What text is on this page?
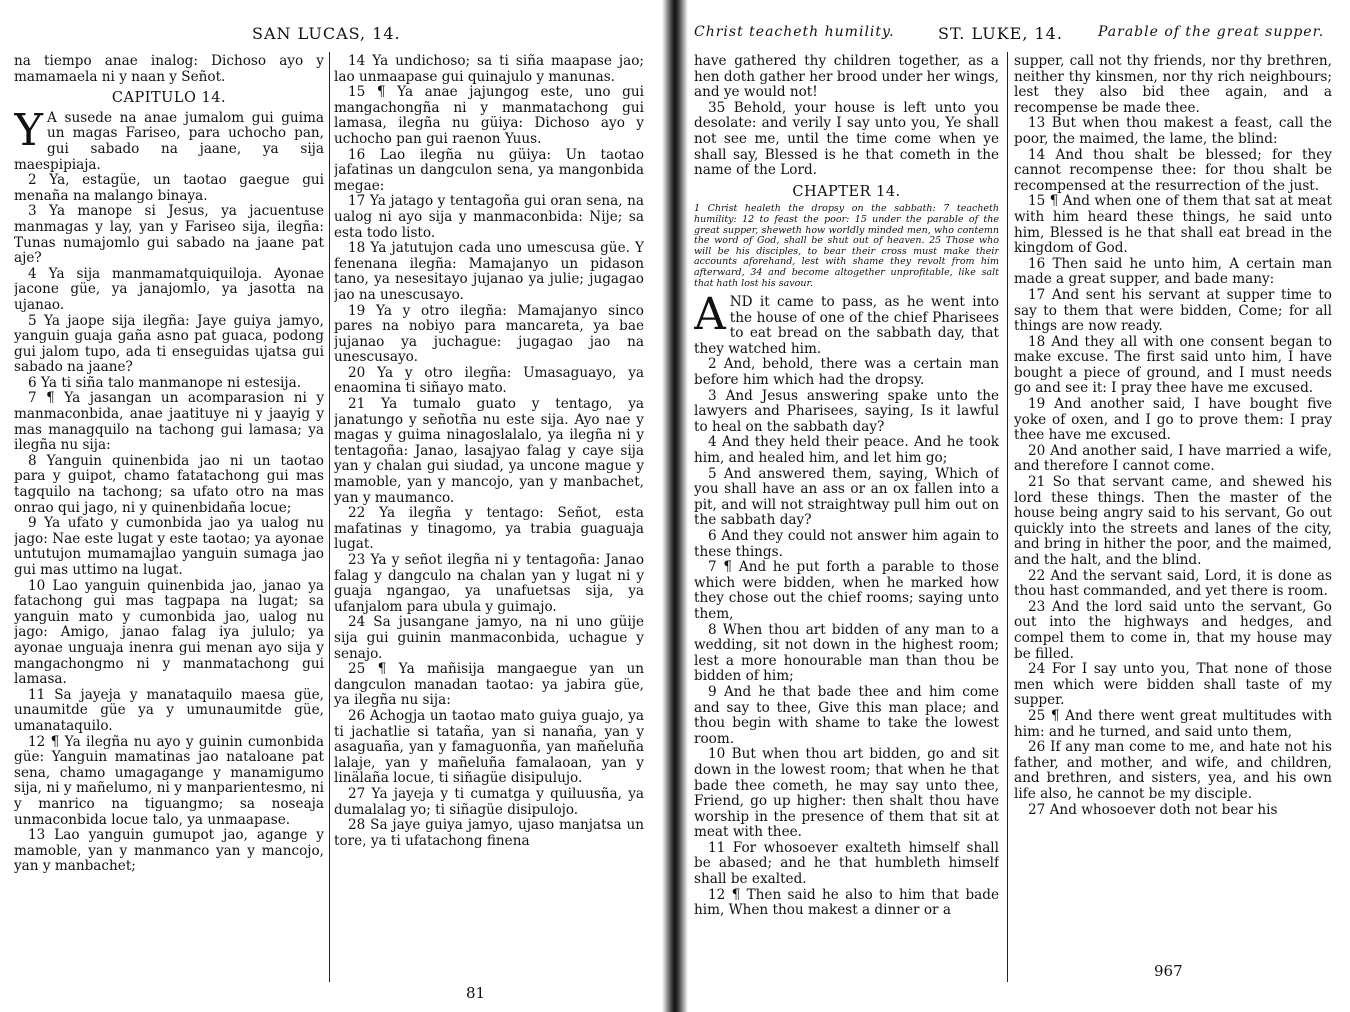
SAN LUCAS, 14.

na tiempo anae inalog: Dichoso ayo y mamamaela ni y naan y Señot.

CAPITULO 14.

Y A susede na anae jumalom gui guima un magas Fariseo, para uchocho pan, gui sabado na jaane, ya sija maespipiaja.

2 Ya, estagüe, un taotao gaegue gui menaña na malango binaya.

3 Ya manope si Jesus, ya jacuentuse manmagas y lay, yan y Fariseo sija, ilegña: Tunas numajomlo gui sabado na jaane pat aje?

4 Ya sija manmamatquiquiloja. Ayonae jacone güe, ya janajomlo, ya jasotta na ujanao.

5 Ya jaope sija ilegña: Jaye guiya jamyo, yanguin guaja gaña asno pat guaca, podong gui jalom tupo, ada ti enseguidas ujatsa gui sabado na jaane?

6 Ya ti siña talo manmanope ni estesija.

7 ¶ Ya jasangan un acomparasion ni y manmaconbida, anae jaatituye ni y jaayig y mas managquilo na tachong gui lamasa; ya ilegña nu sija:

8 Yanguin quinenbida jao ni un taotao para y guipot, chamo fatatachong gui mas tagquilo na tachong; sa ufato otro na mas onrao qui jago, ni y quinenbidaña locue;

9 Ya ufato y cumonbida jao ya ualog nu jago: Nae este lugat y este taotao; ya ayonae untutujon mumamajlao yanguin sumaga jao gui mas uttimo na lugat.

10 Lao yanguin quinenbida jao, janao ya fatachong gui mas tagpapa na lugat; sa yanguin mato y cumonbida jao, ualog nu jago: Amigo, janao falag iya jululo; ya ayonae unguaja inenra gui menan ayo sija y mangachongmo ni y manmatachong gui lamasa.

11 Sa jayeja y manataquilo maesa güe, unaumitde güe ya y umunaumitde güe, umanataquilo.

12 ¶ Ya ilegña nu ayo y guinin cumonbida güe: Yanguin mamatinas jao nataloane pat sena, chamo umagagange y manamigumo sija, ni y mañelumo, ni y manparientesmo, ni y manrico na tiguangmo; sa noseaja unmaconbida locue talo, ya unmaapase.

13 Lao yanguin gumupot jao, agange y mamoble, yan y manmanco yan y mancojo, yan y manbachet;

14 Ya undichoso; sa ti siña maapase jao; lao unmaapase gui quinajulo y manunas.

15 ¶ Ya anae jajungog este, uno gui mangachongña ni y manmatachong gui lamasa, ilegña nu güiya: Dichoso ayo y uchocho pan gui raenon Yuus.

16 Lao ilegña nu güiya: Un taotao jafatinas un dangculon sena, ya mangonbida megae:

17 Ya jatago y tentagoña gui oran sena, na ualog ni ayo sija y manmaconbida: Nije; sa esta todo listo.

18 Ya jatutujon cada uno umescusa güe. Y fenenana ilegña: Mamajanyo un pidason tano, ya nesesitayo jujanao ya julie; jugagao jao na unescusayo.

19 Ya y otro ilegña: Mamajanyo sinco pares na nobiyo para mancareta, ya bae jujanao ya juchague: jugagao jao na unescusayo.

20 Ya y otro ilegña: Umasaguayo, ya enaomina ti siñayo mato.

21 Ya tumalo guato y tentago, ya janatungo y señotña nu este sija. Ayo nae y magas y guima ninagoslalalo, ya ilegña ni y tentagoña: Janao, lasajyao falag y caye sija yan y chalan gui siudad, ya uncone mague y mamoble, yan y mancojo, yan y manbachet, yan y maumanco.

22 Ya ilegña y tentago: Señot, esta mafatinas y tinagomo, ya trabia guaguaja lugat.

23 Ya y señot ilegña ni y tentagoña: Janao falag y dangculo na chalan yan y lugat ni y guaja ngangao, ya unafuetsas sija, ya ufanjalom para ubula y guimajo.

24 Sa jusangane jamyo, na ni uno güije sija gui guinin manmaconbida, uchague y senajo.

25 ¶ Ya mañisija mangaegue yan un dangculon manadan taotao: ya jabira güe, ya ilegña nu sija:

26 Achogja un taotao mato guiya guajo, ya ti jachatlie si tataña, yan si nanaña, yan y asaguaña, yan y famaguonña, yan mañeluña lalaje, yan y mañeluña famalaoan, yan y linälaña locue, ti siñagüe disipulujo.

27 Ya jayeja y ti cumatga y quiluusña, ya dumalalag yo; ti siñagüe disipulojo.

28 Sa jaye guiya jamyo, ujaso manjatsa un tore, ya ti ufatachong finena

81
Christ teacheth humility.	ST. LUKE, 14.	Parable of the great supper.

have gathered thy children together, as a hen doth gather her brood under her wings, and ye would not!

35 Behold, your house is left unto you desolate: and verily I say unto you, Ye shall not see me, until the time come when ye shall say, Blessed is he that cometh in the name of the Lord.

CHAPTER 14.

1 Christ healeth the dropsy on the sabbath: 7 teacheth humility: 12 to feast the poor: 15 under the parable of the great supper, sheweth how worldly minded men, who contemn the word of God, shall be shut out of heaven. 25 Those who will be his disciples, to bear their cross must make their accounts aforehand, lest with shame they revolt from him afterward, 34 and become altogether unprofitable, like salt that hath lost his savour.

AND it came to pass, as he went into the house of one of the chief Pharisees to eat bread on the sabbath day, that they watched him.

2 And, behold, there was a certain man before him which had the dropsy.

3 And Jesus answering spake unto the lawyers and Pharisees, saying, Is it lawful to heal on the sabbath day?

4 And they held their peace. And he took him, and healed him, and let him go;

5 And answered them, saying, Which of you shall have an ass or an ox fallen into a pit, and will not straightway pull him out on the sabbath day?

6 And they could not answer him again to these things.

7 ¶ And he put forth a parable to those which were bidden, when he marked how they chose out the chief rooms; saying unto them,

8 When thou art bidden of any man to a wedding, sit not down in the highest room; lest a more honourable man than thou be bidden of him;

9 And he that bade thee and him come and say to thee, Give this man place; and thou begin with shame to take the lowest room.

10 But when thou art bidden, go and sit down in the lowest room; that when he that bade thee cometh, he may say unto thee, Friend, go up higher: then shalt thou have worship in the presence of them that sit at meat with thee.

11 For whosoever exalteth himself shall be abased; and he that humbleth himself shall be exalted.

12 ¶ Then said he also to him that bade him, When thou makest a dinner or a

supper, call not thy friends, nor thy brethren, neither thy kinsmen, nor thy rich neighbours; lest they also bid thee again, and a recompense be made thee.

13 But when thou makest a feast, call the poor, the maimed, the lame, the blind:

14 And thou shalt be blessed; for they cannot recompense thee: for thou shalt be recompensed at the resurrection of the just.

15 ¶ And when one of them that sat at meat with him heard these things, he said unto him, Blessed is he that shall eat bread in the kingdom of God.

16 Then said he unto him, A certain man made a great supper, and bade many:

17 And sent his servant at supper time to say to them that were bidden, Come; for all things are now ready.

18 And they all with one consent began to make excuse. The first said unto him, I have bought a piece of ground, and I must needs go and see it: I pray thee have me excused.

19 And another said, I have bought five yoke of oxen, and I go to prove them: I pray thee have me excused.

20 And another said, I have married a wife, and therefore I cannot come.

21 So that servant came, and shewed his lord these things. Then the master of the house being angry said to his servant, Go out quickly into the streets and lanes of the city, and bring in hither the poor, and the maimed, and the halt, and the blind.

22 And the servant said, Lord, it is done as thou hast commanded, and yet there is room.

23 And the lord said unto the servant, Go out into the highways and hedges, and compel them to come in, that my house may be filled.

24 For I say unto you, That none of those men which were bidden shall taste of my supper.

25 ¶ And there went great multitudes with him: and he turned, and said unto them,

26 If any man come to me, and hate not his father, and mother, and wife, and children, and brethren, and sisters, yea, and his own life also, he cannot be my disciple.

27 And whosoever doth not bear his

967
